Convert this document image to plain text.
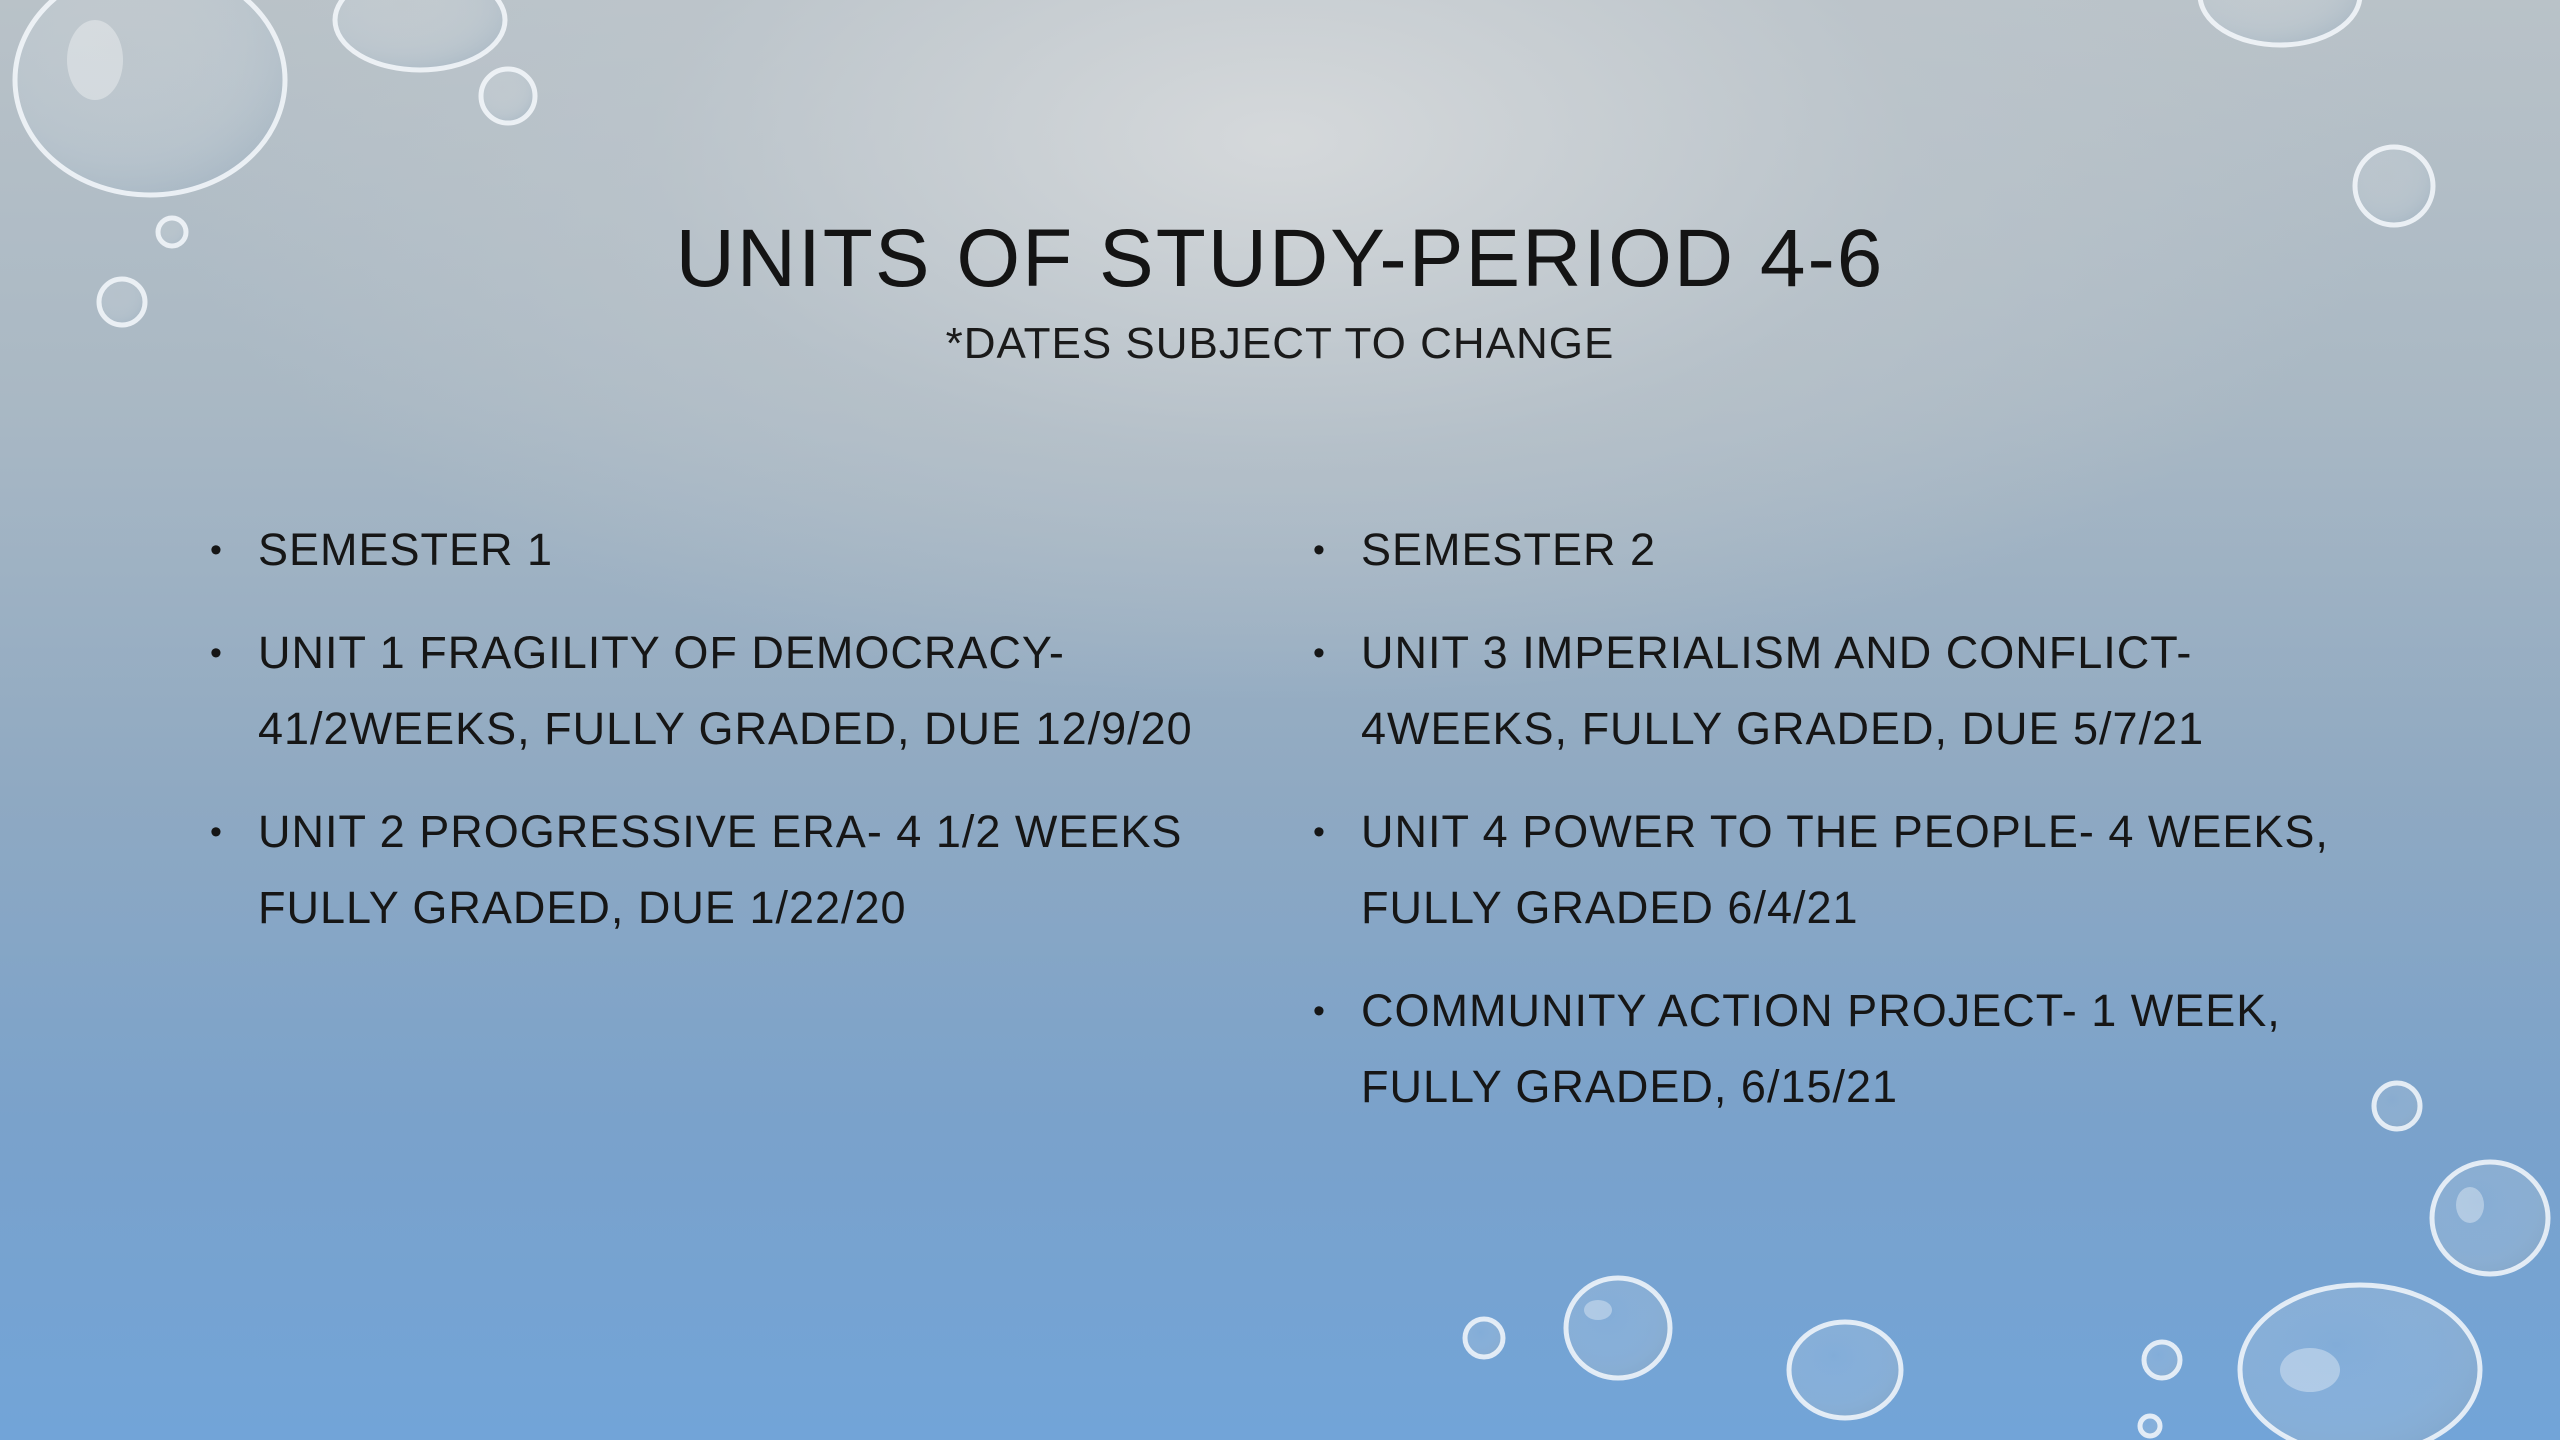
UNITS OF STUDY-PERIOD 4-6
*DATES SUBJECT TO CHANGE
• SEMESTER 1
• UNIT 1 FRAGILITY OF DEMOCRACY-
41/2WEEKS, FULLY GRADED, DUE 12/9/20
• UNIT 2 PROGRESSIVE ERA- 4 1/2 WEEKS
FULLY GRADED, DUE 1/22/20
• SEMESTER 2
• UNIT 3 IMPERIALISM AND CONFLICT-
4WEEKS, FULLY GRADED, DUE 5/7/21
• UNIT 4 POWER TO THE PEOPLE- 4 WEEKS,
FULLY GRADED 6/4/21
• COMMUNITY ACTION PROJECT- 1 WEEK,
FULLY GRADED, 6/15/21
